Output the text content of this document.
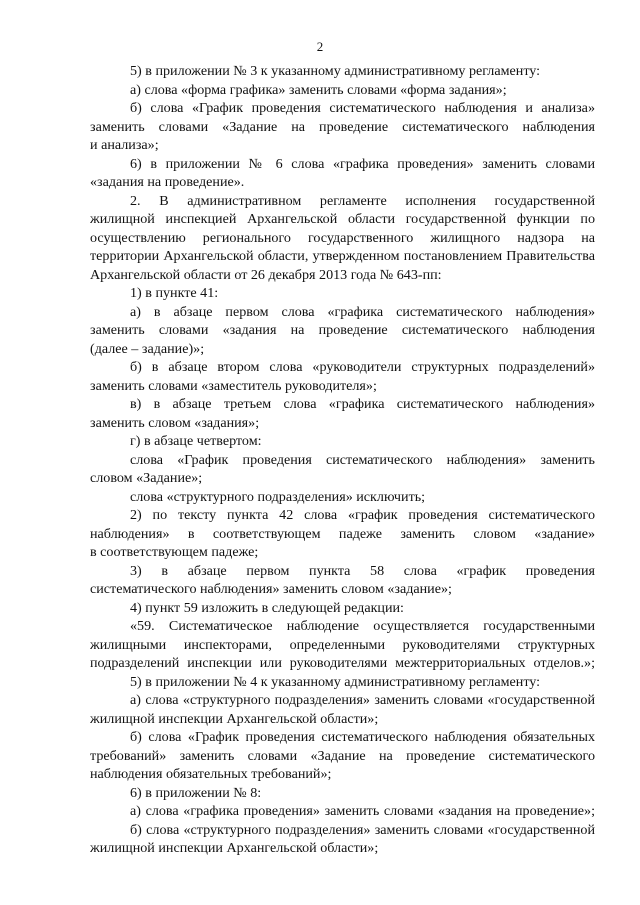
2
5) в приложении № 3 к указанному административному регламенту:
а) слова «форма графика» заменить словами «форма задания»;
б) слова «График проведения систематического наблюдения и анализа»
заменить словами «Задание на проведение систематического наблюдения
и анализа»;
6) в приложении № 6 слова «графика проведения» заменить словами
«задания на проведение».
2. В административном регламенте исполнения государственной
жилищной инспекцией Архангельской области государственной функции по
осуществлению регионального государственного жилищного надзора на
территории Архангельской области, утвержденном постановлением Правительства
Архангельской области от 26 декабря 2013 года № 643-пп:
1) в пункте 41:
а) в абзаце первом слова «графика систематического наблюдения»
заменить словами «задания на проведение систематического наблюдения
(далее – задание)»;
б) в абзаце втором слова «руководители структурных подразделений»
заменить словами «заместитель руководителя»;
в) в абзаце третьем слова «графика систематического наблюдения»
заменить словом «задания»;
г) в абзаце четвертом:
слова «График проведения систематического наблюдения» заменить
словом «Задание»;
слова «структурного подразделения» исключить;
2) по тексту пункта 42 слова «график проведения систематического
наблюдения» в соответствующем падеже заменить словом «задание»
в соответствующем падеже;
3) в абзаце первом пункта 58 слова «график проведения
систематического наблюдения» заменить словом «задание»;
4) пункт 59 изложить в следующей редакции:
«59. Систематическое наблюдение осуществляется государственными
жилищными инспекторами, определенными руководителями структурных
подразделений инспекции или руководителями межтерриториальных отделов.»;
5) в приложении № 4 к указанному административному регламенту:
а) слова «структурного подразделения» заменить словами «государственной
жилищной инспекции Архангельской области»;
б) слова «График проведения систематического наблюдения обязательных
требований» заменить словами «Задание на проведение систематического
наблюдения обязательных требований»;
6) в приложении № 8:
а) слова «графика проведения» заменить словами «задания на проведение»;
б) слова «структурного подразделения» заменить словами «государственной
жилищной инспекции Архангельской области»;
